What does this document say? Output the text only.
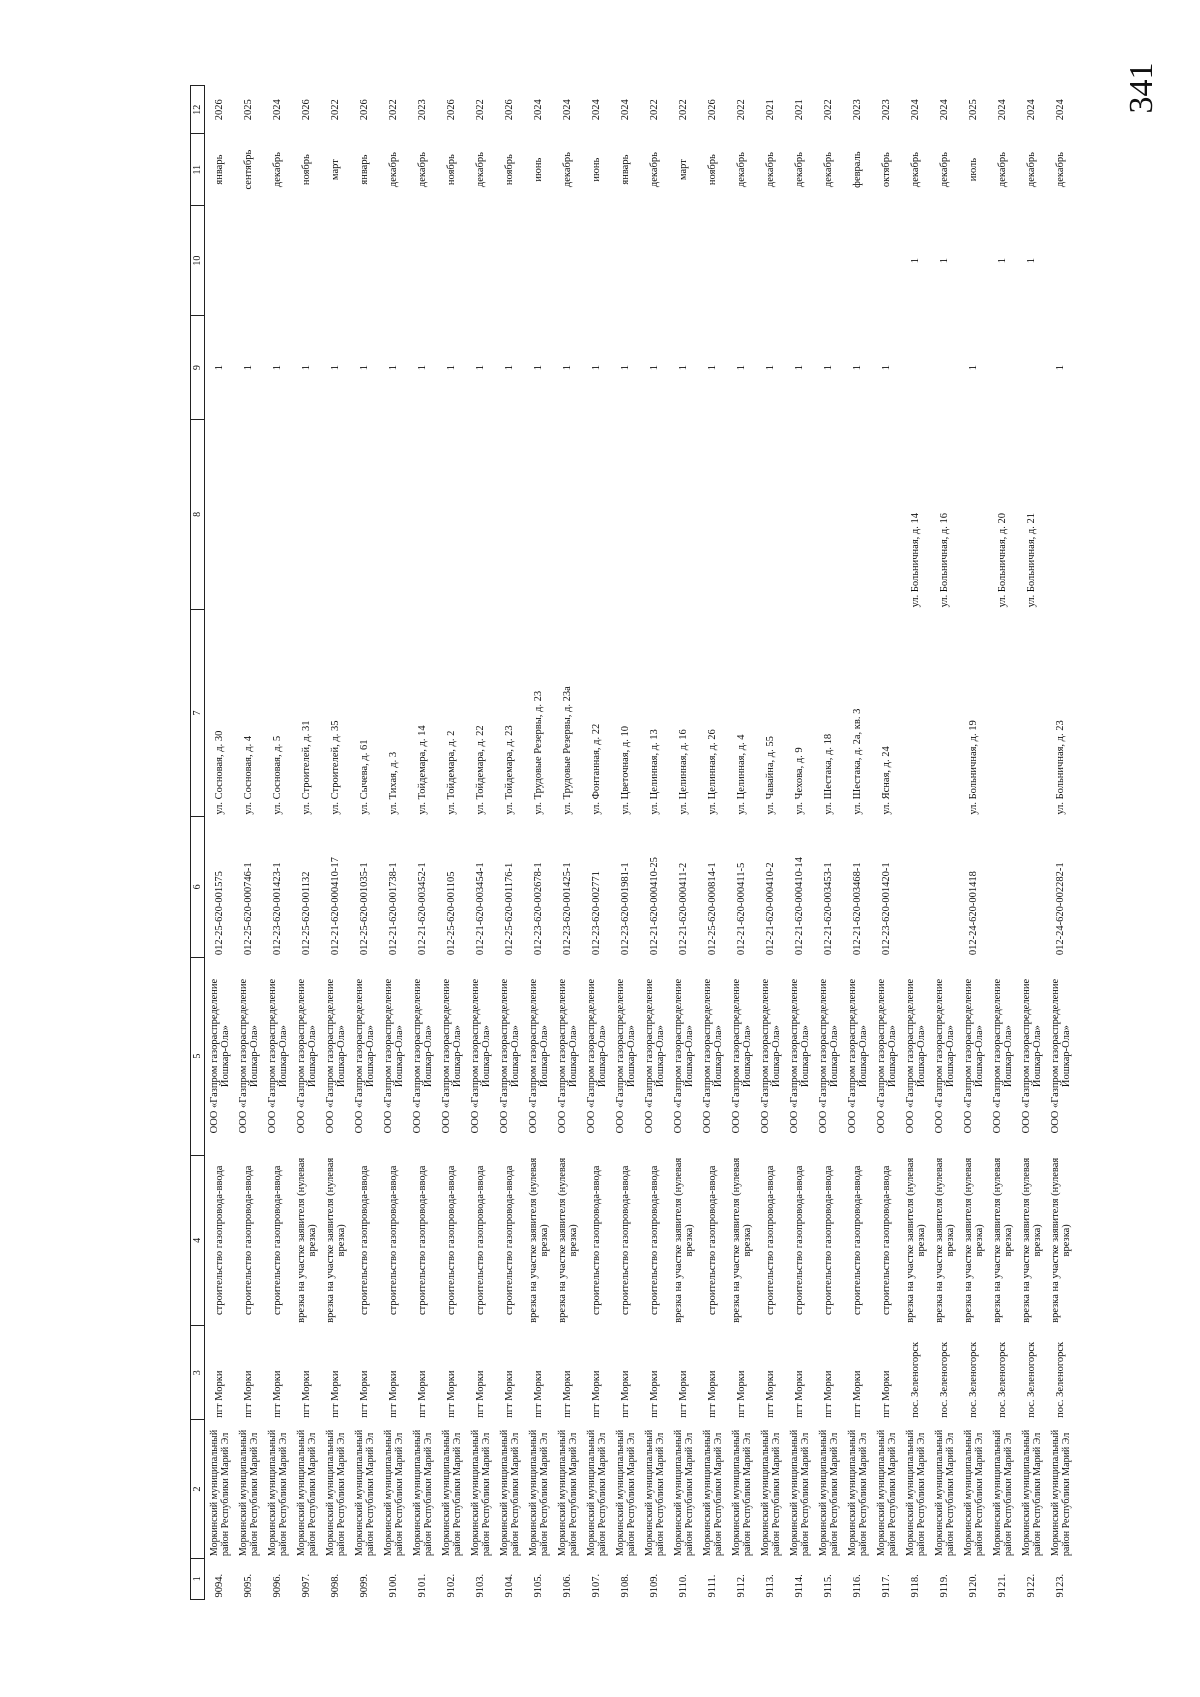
341
1	2	3	4	5	6	7	8	9	10	11	12
9094.	Моркинский муниципальный район Республики Марий Эл	пгт Морки	строительство газопровода-ввода	ООО «Газпром газораспределение Йошкар-Ола»	012-25-620-001575	ул. Сосновая, д. 30		1		январь	2026
9095.	Моркинский муниципальный район Республики Марий Эл	пгт Морки	строительство газопровода-ввода	ООО «Газпром газораспределение Йошкар-Ола»	012-25-620-000746-1	ул. Сосновая, д. 4		1		сентябрь	2025
9096.	Моркинский муниципальный район Республики Марий Эл	пгт Морки	строительство газопровода-ввода	ООО «Газпром газораспределение Йошкар-Ола»	012-23-620-001423-1	ул. Сосновая, д. 5		1		декабрь	2024
9097.	Моркинский муниципальный район Республики Марий Эл	пгт Морки	врезка на участке заявителя (нулевая врезка)	ООО «Газпром газораспределение Йошкар-Ола»	012-25-620-001132	ул. Строителей, д. 31		1		ноябрь	2026
9098.	Моркинский муниципальный район Республики Марий Эл	пгт Морки	врезка на участке заявителя (нулевая врезка)	ООО «Газпром газораспределение Йошкар-Ола»	012-21-620-000410-17	ул. Строителей, д. 35		1		март	2022
9099.	Моркинский муниципальный район Республики Марий Эл	пгт Морки	строительство газопровода-ввода	ООО «Газпром газораспределение Йошкар-Ола»	012-25-620-001035-1	ул. Сычева, д. 61		1		январь	2026
9100.	Моркинский муниципальный район Республики Марий Эл	пгт Морки	строительство газопровода-ввода	ООО «Газпром газораспределение Йошкар-Ола»	012-21-620-001738-1	ул. Тихая, д. 3		1		декабрь	2022
9101.	Моркинский муниципальный район Республики Марий Эл	пгт Морки	строительство газопровода-ввода	ООО «Газпром газораспределение Йошкар-Ола»	012-21-620-003452-1	ул. Тойдемара, д. 14		1		декабрь	2023
9102.	Моркинский муниципальный район Республики Марий Эл	пгт Морки	строительство газопровода-ввода	ООО «Газпром газораспределение Йошкар-Ола»	012-25-620-001105	ул. Тойдемара, д. 2		1		ноябрь	2026
9103.	Моркинский муниципальный район Республики Марий Эл	пгт Морки	строительство газопровода-ввода	ООО «Газпром газораспределение Йошкар-Ола»	012-21-620-003454-1	ул. Тойдемара, д. 22		1		декабрь	2022
9104.	Моркинский муниципальный район Республики Марий Эл	пгт Морки	строительство газопровода-ввода	ООО «Газпром газораспределение Йошкар-Ола»	012-25-620-001176-1	ул. Тойдемара, д. 23		1		ноябрь	2026
9105.	Моркинский муниципальный район Республики Марий Эл	пгт Морки	врезка на участке заявителя (нулевая врезка)	ООО «Газпром газораспределение Йошкар-Ола»	012-23-620-002678-1	ул. Трудовые Резервы, д. 23		1		июнь	2024
9106.	Моркинский муниципальный район Республики Марий Эл	пгт Морки	врезка на участке заявителя (нулевая врезка)	ООО «Газпром газораспределение Йошкар-Ола»	012-23-620-001425-1	ул. Трудовые Резервы, д. 23а		1		декабрь	2024
9107.	Моркинский муниципальный район Республики Марий Эл	пгт Морки	строительство газопровода-ввода	ООО «Газпром газораспределение Йошкар-Ола»	012-23-620-002771	ул. Фонтанная, д. 22		1		июнь	2024
9108.	Моркинский муниципальный район Республики Марий Эл	пгт Морки	строительство газопровода-ввода	ООО «Газпром газораспределение Йошкар-Ола»	012-23-620-001981-1	ул. Цветочная, д. 10		1		январь	2024
9109.	Моркинский муниципальный район Республики Марий Эл	пгт Морки	строительство газопровода-ввода	ООО «Газпром газораспределение Йошкар-Ола»	012-21-620-000410-25	ул. Целинная, д. 13		1		декабрь	2022
9110.	Моркинский муниципальный район Республики Марий Эл	пгт Морки	врезка на участке заявителя (нулевая врезка)	ООО «Газпром газораспределение Йошкар-Ола»	012-21-620-000411-2	ул. Целинная, д. 16		1		март	2022
9111.	Моркинский муниципальный район Республики Марий Эл	пгт Морки	строительство газопровода-ввода	ООО «Газпром газораспределение Йошкар-Ола»	012-25-620-000814-1	ул. Целинная, д. 26		1		ноябрь	2026
9112.	Моркинский муниципальный район Республики Марий Эл	пгт Морки	врезка на участке заявителя (нулевая врезка)	ООО «Газпром газораспределение Йошкар-Ола»	012-21-620-000411-5	ул. Целинная, д. 4		1		декабрь	2022
9113.	Моркинский муниципальный район Республики Марий Эл	пгт Морки	строительство газопровода-ввода	ООО «Газпром газораспределение Йошкар-Ола»	012-21-620-000410-2	ул. Чавайна, д. 55		1		декабрь	2021
9114.	Моркинский муниципальный район Республики Марий Эл	пгт Морки	строительство газопровода-ввода	ООО «Газпром газораспределение Йошкар-Ола»	012-21-620-000410-14	ул. Чехова, д. 9		1		декабрь	2021
9115.	Моркинский муниципальный район Республики Марий Эл	пгт Морки	строительство газопровода-ввода	ООО «Газпром газораспределение Йошкар-Ола»	012-21-620-003453-1	ул. Шестака, д. 18		1		декабрь	2022
9116.	Моркинский муниципальный район Республики Марий Эл	пгт Морки	строительство газопровода-ввода	ООО «Газпром газораспределение Йошкар-Ола»	012-21-620-003468-1	ул. Шестака, д. 2а, кв. 3		1		февраль	2023
9117.	Моркинский муниципальный район Республики Марий Эл	пгт Морки	строительство газопровода-ввода	ООО «Газпром газораспределение Йошкар-Ола»	012-23-620-001420-1	ул. Ясная, д. 24		1		октябрь	2023
9118.	Моркинский муниципальный район Республики Марий Эл	пос. Зеленогорск	врезка на участке заявителя (нулевая врезка)	ООО «Газпром газораспределение Йошкар-Ола»			ул. Больничная, д. 14		1	декабрь	2024
9119.	Моркинский муниципальный район Республики Марий Эл	пос. Зеленогорск	врезка на участке заявителя (нулевая врезка)	ООО «Газпром газораспределение Йошкар-Ола»			ул. Больничная, д. 16		1	декабрь	2024
9120.	Моркинский муниципальный район Республики Марий Эл	пос. Зеленогорск	врезка на участке заявителя (нулевая врезка)	ООО «Газпром газораспределение Йошкар-Ола»	012-24-620-001418	ул. Больничная, д. 19		1		июль	2025
9121.	Моркинский муниципальный район Республики Марий Эл	пос. Зеленогорск	врезка на участке заявителя (нулевая врезка)	ООО «Газпром газораспределение Йошкар-Ола»			ул. Больничная, д. 20		1	декабрь	2024
9122.	Моркинский муниципальный район Республики Марий Эл	пос. Зеленогорск	врезка на участке заявителя (нулевая врезка)	ООО «Газпром газораспределение Йошкар-Ола»			ул. Больничная, д. 21		1	декабрь	2024
9123.	Моркинский муниципальный район Республики Марий Эл	пос. Зеленогорск	врезка на участке заявителя (нулевая врезка)	ООО «Газпром газораспределение Йошкар-Ола»	012-24-620-002282-1	ул. Больничная, д. 23		1		декабрь	2024
